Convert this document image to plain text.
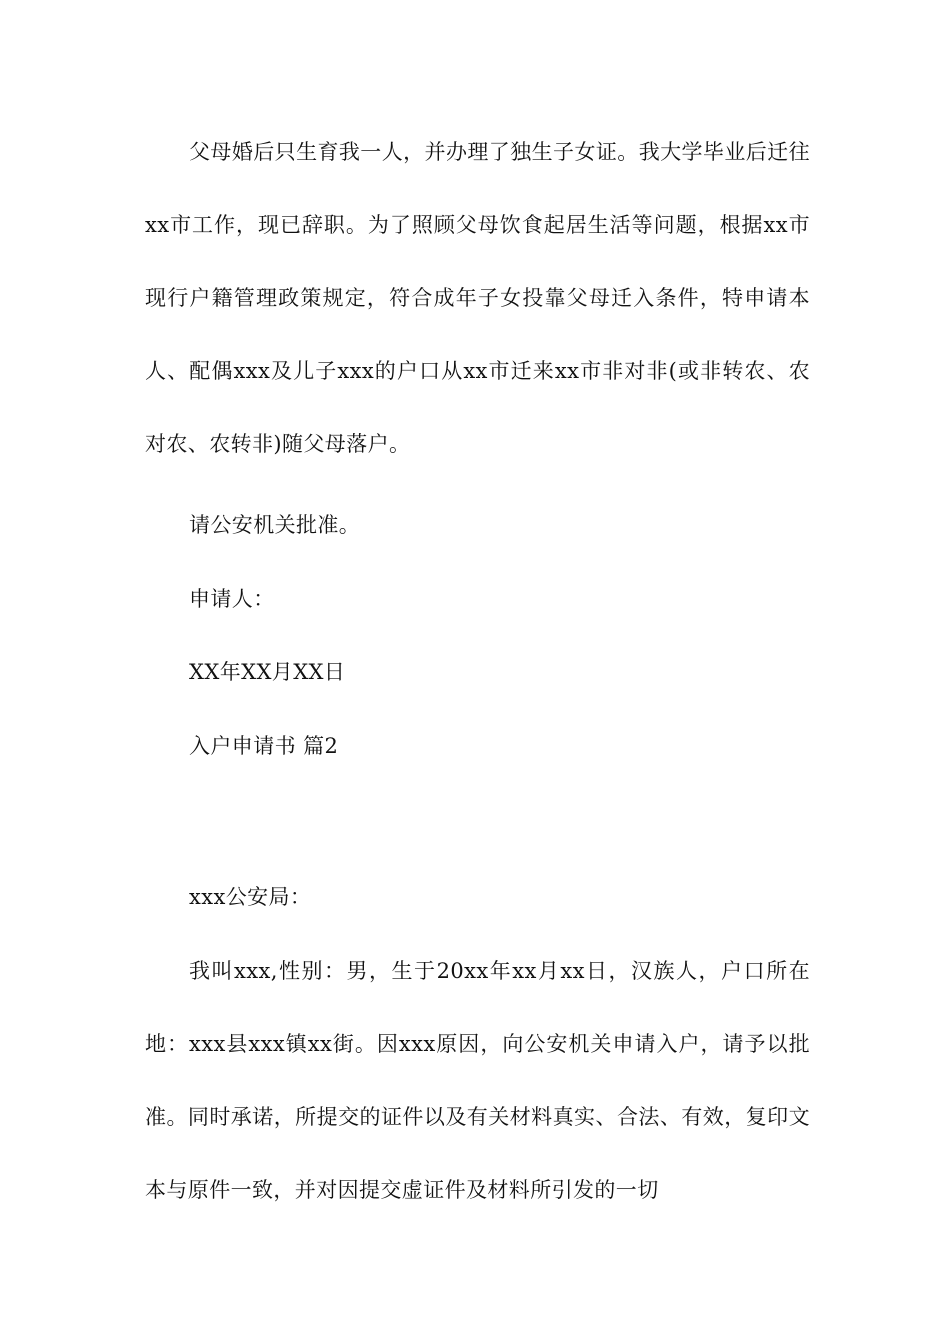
父母婚后只生育我一人，并办理了独生子女证。我大学毕业后迁往xx市工作，现已辞职。为了照顾父母饮食起居生活等问题，根据xx市现行户籍管理政策规定，符合成年子女投靠父母迁入条件，特申请本人、配偶xxx及儿子xxx的户口从xx市迁来xx市非对非(或非转农、农对农、农转非)随父母落户。

请公安机关批准。

申请人：

XX年XX月XX日

入户申请书 篇2

xxx公安局：

我叫xxx,性别：男，生于20xx年xx月xx日，汉族人，户口所在地：xxx县xxx镇xx街。因xxx原因，向公安机关申请入户，请予以批准。同时承诺，所提交的证件以及有关材料真实、合法、有效，复印文本与原件一致，并对因提交虚证件及材料所引发的一切
